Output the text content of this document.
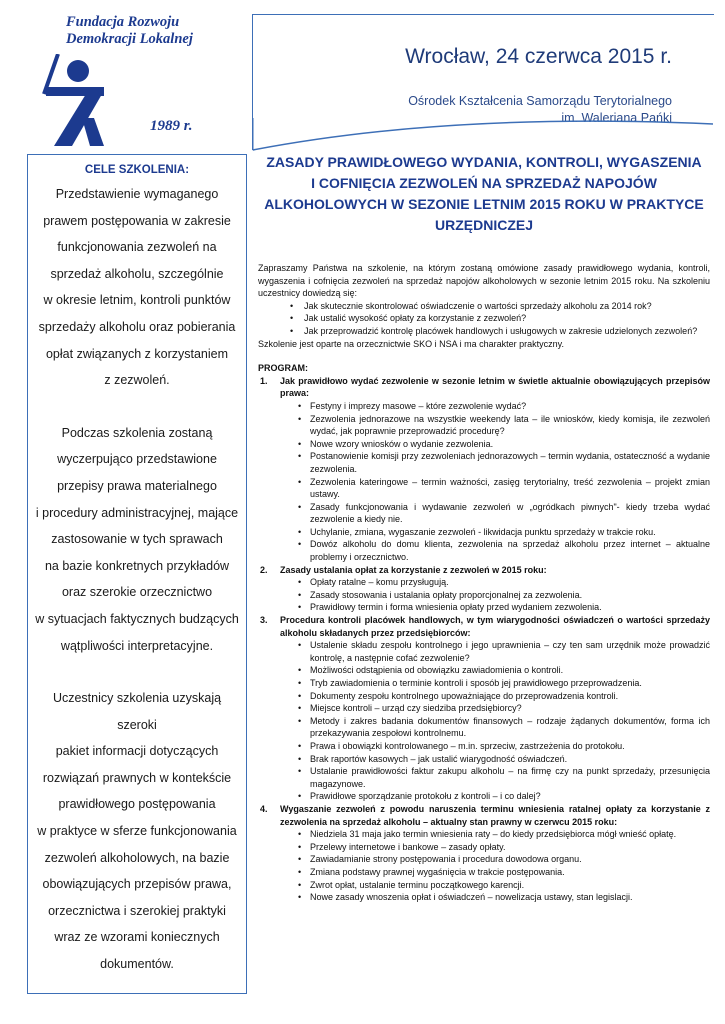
Fundacja Rozwoju
Demokracji Lokalnej
1989 r.
Wrocław, 24 czerwca 2015 r.
Ośrodek Kształcenia Samorządu Terytorialnego
im. Waleriana Pańki
CELE SZKOLENIA:

Przedstawienie wymaganego

prawem postępowania w zakresie

funkcjonowania zezwoleń na

sprzedaż alkoholu, szczególnie

w okresie letnim, kontroli punktów

sprzedaży alkoholu oraz pobierania

opłat związanych z korzystaniem

z zezwoleń.

Podczas szkolenia zostaną

wyczerpująco przedstawione

przepisy prawa materialnego

i procedury administracyjnej, mające

zastosowanie w tych sprawach

na bazie konkretnych przykładów

oraz szerokie orzecznictwo

w sytuacjach faktycznych budzących

wątpliwości interpretacyjne.

Uczestnicy szkolenia uzyskają szeroki

pakiet informacji dotyczących

rozwiązań prawnych w kontekście

prawidłowego postępowania

w praktyce w sferze funkcjonowania

zezwoleń alkoholowych, na bazie

obowiązujących przepisów prawa,

orzecznictwa i szerokiej praktyki

wraz ze wzorami koniecznych

dokumentów.

ZASADY PRAWIDŁOWEGO WYDANIA, KONTROLI, WYGASZENIA
I COFNIĘCIA ZEZWOLEŃ NA SPRZEDAŻ NAPOJÓW
ALKOHOLOWYCH W SEZONIE LETNIM 2015 ROKU W PRAKTYCE
URZĘDNICZEJ

Zapraszamy Państwa na szkolenie, na którym zostaną omówione zasady prawidłowego wydania, kontroli, wygaszenia i cofnięcia zezwoleń na sprzedaż napojów alkoholowych w sezonie letnim 2015 roku. Na szkoleniu uczestnicy dowiedzą się:

• Jak skutecznie skontrolować oświadczenie o wartości sprzedaży alkoholu za 2014 rok?
• Jak ustalić wysokość opłaty za korzystanie z zezwoleń?
• Jak przeprowadzić kontrolę placówek handlowych i usługowych w zakresie udzielonych zezwoleń?

Szkolenie jest oparte na orzecznictwie SKO i NSA i ma charakter praktyczny.

PROGRAM:
1. Jak prawidłowo wydać zezwolenie w sezonie letnim w świetle aktualnie obowiązujących przepisów prawa:
• Festyny i imprezy masowe – które zezwolenie wydać?
• Zezwolenia jednorazowe na wszystkie weekendy lata – ile wniosków, kiedy komisja, ile zezwoleń wydać, jak poprawnie przeprowadzić procedurę?
• Nowe wzory wniosków o wydanie zezwolenia.
• Postanowienie komisji przy zezwoleniach jednorazowych – termin wydania, ostateczność a wydanie zezwolenia.
• Zezwolenia kateringowe – termin ważności, zasięg terytorialny, treść zezwolenia – projekt zmian ustawy.
• Zasady funkcjonowania i wydawanie zezwoleń w „ogródkach piwnych"- kiedy trzeba wydać zezwolenie a kiedy nie.
• Uchylanie, zmiana, wygaszanie zezwoleń - likwidacja punktu sprzedaży w trakcie roku.
• Dowóz alkoholu do domu klienta, zezwolenia na sprzedaż alkoholu przez internet – aktualne problemy i orzecznictwo.
2. Zasady ustalania opłat za korzystanie z zezwoleń w 2015 roku:
• Opłaty ratalne – komu przysługują.
• Zasady stosowania i ustalania opłaty proporcjonalnej za zezwolenia.
• Prawidłowy termin i forma wniesienia opłaty przed wydaniem zezwolenia.
3. Procedura kontroli placówek handlowych, w tym wiarygodności oświadczeń o wartości sprzedaży alkoholu składanych przez przedsiębiorców:
• Ustalenie składu zespołu kontrolnego i jego uprawnienia – czy ten sam urzędnik może prowadzić kontrolę, a następnie cofać zezwolenie?
• Możliwości odstąpienia od obowiązku zawiadomienia o kontroli.
• Tryb zawiadomienia o terminie kontroli i sposób jej prawidłowego przeprowadzenia.
• Dokumenty zespołu kontrolnego upoważniające do przeprowadzenia kontroli.
• Miejsce kontroli – urząd czy siedziba przedsiębiorcy?
• Metody i zakres badania dokumentów finansowych – rodzaje żądanych dokumentów, forma ich przekazywania zespołowi kontrolnemu.
• Prawa i obowiązki kontrolowanego – m.in. sprzeciw, zastrzeżenia do protokołu.
• Brak raportów kasowych – jak ustalić wiarygodność oświadczeń.
• Ustalanie prawidłowości faktur zakupu alkoholu – na firmę czy na punkt sprzedaży, przesunięcia magazynowe.
• Prawidłowe sporządzanie protokołu z kontroli – i co dalej?
4. Wygaszanie zezwoleń z powodu naruszenia terminu wniesienia ratalnej opłaty za korzystanie z zezwolenia na sprzedaż alkoholu – aktualny stan prawny w czerwcu 2015 roku:
• Niedziela 31 maja jako termin wniesienia raty – do kiedy przedsiębiorca mógł wnieść opłatę.
• Przelewy internetowe i bankowe – zasady opłaty.
• Zawiadamianie strony postępowania i procedura dowodowa organu.
• Zmiana podstawy prawnej wygaśnięcia w trakcie postępowania.
• Zwrot opłat, ustalanie terminu początkowego karencji.
• Nowe zasady wnoszenia opłat i oświadczeń – nowelizacja ustawy, stan legislacji.
